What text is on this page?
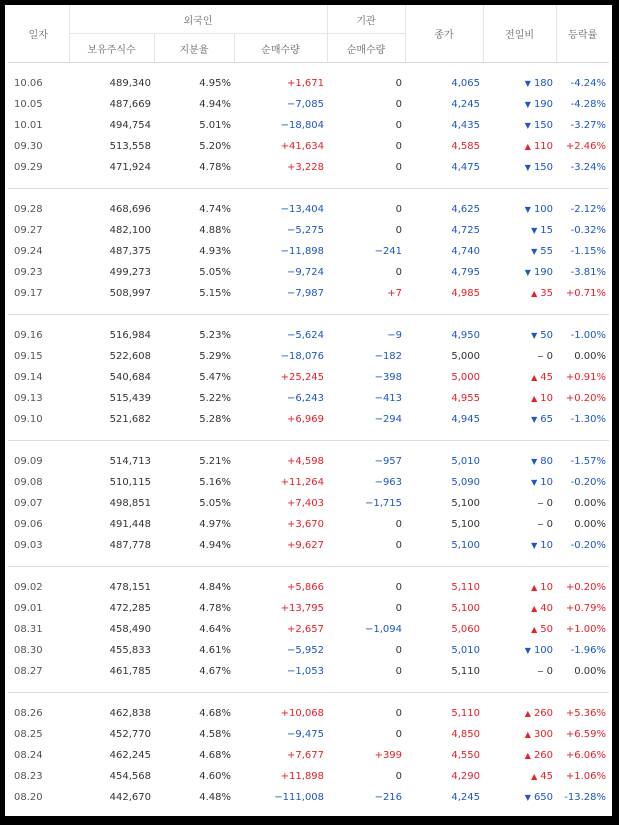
일자	외국인			기관	종가	전일비	등락률
	보유주식수	지분율	순매수량	순매수량			

10.06	489,340	4.95%	+1,671	0	4,065	▼ 180	-4.24%
10.05	487,669	4.94%	−7,085	0	4,245	▼ 190	-4.28%
10.01	494,754	5.01%	−18,804	0	4,435	▼ 150	-3.27%
09.30	513,558	5.20%	+41,634	0	4,585	▲ 110	+2.46%
09.29	471,924	4.78%	+3,228	0	4,475	▼ 150	-3.24%

09.28	468,696	4.74%	−13,404	0	4,625	▼ 100	-2.12%
09.27	482,100	4.88%	−5,275	0	4,725	▼ 15	-0.32%
09.24	487,375	4.93%	−11,898	−241	4,740	▼ 55	-1.15%
09.23	499,273	5.05%	−9,724	0	4,795	▼ 190	-3.81%
09.17	508,997	5.15%	−7,987	+7	4,985	▲ 35	+0.71%

09.16	516,984	5.23%	−5,624	−9	4,950	▼ 50	-1.00%
09.15	522,608	5.29%	−18,076	−182	5,000	− 0	0.00%
09.14	540,684	5.47%	+25,245	−398	5,000	▲ 45	+0.91%
09.13	515,439	5.22%	−6,243	−413	4,955	▲ 10	+0.20%
09.10	521,682	5.28%	+6,969	−294	4,945	▼ 65	-1.30%

09.09	514,713	5.21%	+4,598	−957	5,010	▼ 80	-1.57%
09.08	510,115	5.16%	+11,264	−963	5,090	▼ 10	-0.20%
09.07	498,851	5.05%	+7,403	−1,715	5,100	− 0	0.00%
09.06	491,448	4.97%	+3,670	0	5,100	− 0	0.00%
09.03	487,778	4.94%	+9,627	0	5,100	▼ 10	-0.20%

09.02	478,151	4.84%	+5,866	0	5,110	▲ 10	+0.20%
09.01	472,285	4.78%	+13,795	0	5,100	▲ 40	+0.79%
08.31	458,490	4.64%	+2,657	−1,094	5,060	▲ 50	+1.00%
08.30	455,833	4.61%	−5,952	0	5,010	▼ 100	-1.96%
08.27	461,785	4.67%	−1,053	0	5,110	− 0	0.00%

08.26	462,838	4.68%	+10,068	0	5,110	▲ 260	+5.36%
08.25	452,770	4.58%	−9,475	0	4,850	▲ 300	+6.59%
08.24	462,245	4.68%	+7,677	+399	4,550	▲ 260	+6.06%
08.23	454,568	4.60%	+11,898	0	4,290	▲ 45	+1.06%
08.20	442,670	4.48%	−111,008	−216	4,245	▼ 650	-13.28%
